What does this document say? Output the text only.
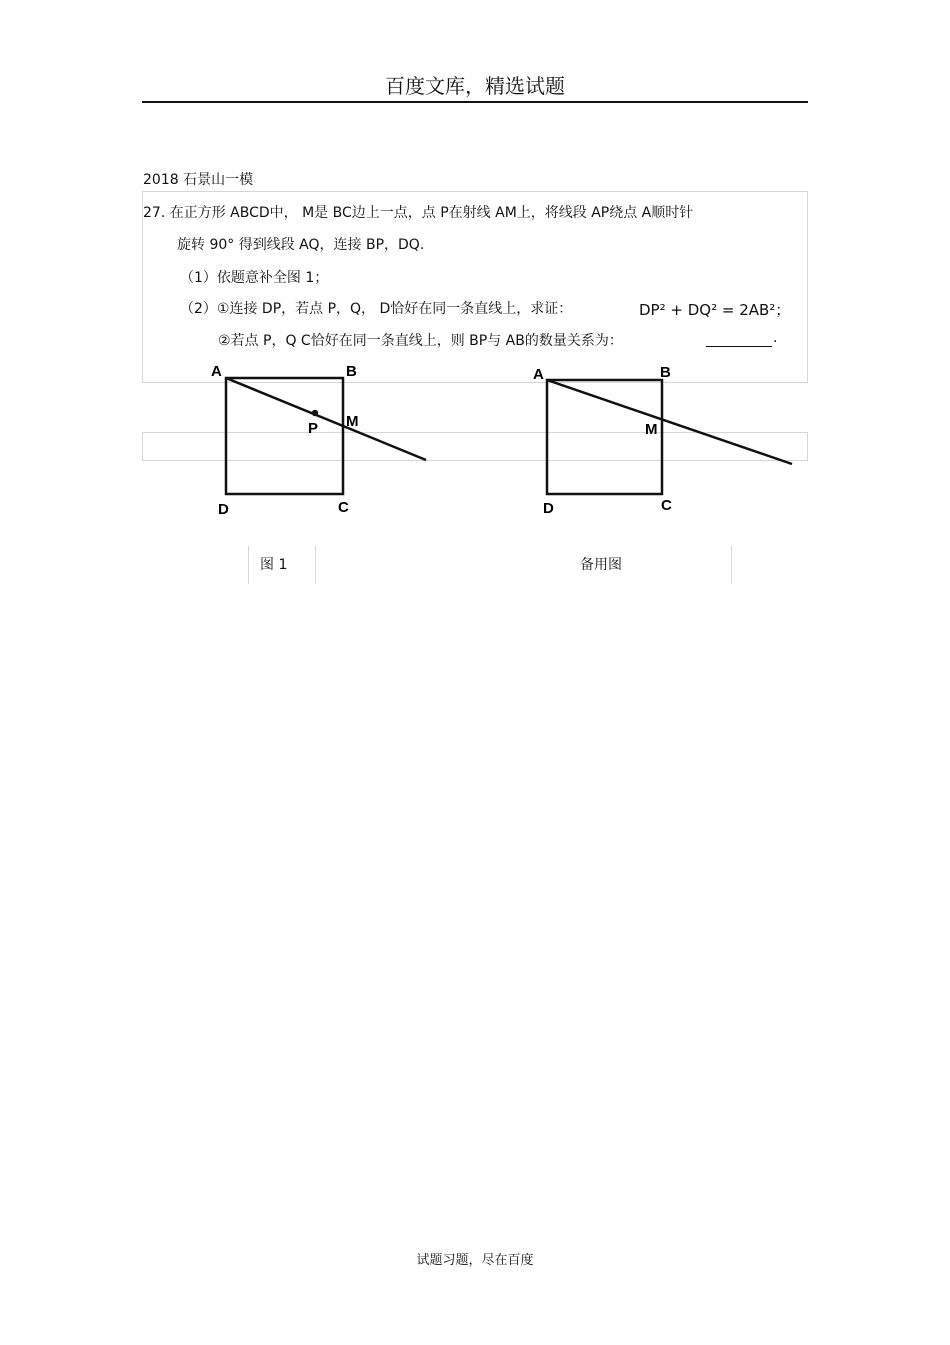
百度文库，精选试题
2018 石景山一模
27. 在正方形 ABCD中， M是 BC边上一点，点 P在射线 AM上，将线段 AP绕点 A顺时针
旋转 90° 得到线段 AQ，连接 BP，DQ.
（1）依题意补全图 1；
（2）①连接 DP，若点 P，Q， D恰好在同一条直线上，求证：	DP² + DQ² = 2AB²；
②若点 P，Q C恰好在同一条直线上，则 BP与 AB的数量关系为：	.
A	B
M
P
D	C
A	B
M
D	C
图 1	备用图
试题习题，尽在百度
